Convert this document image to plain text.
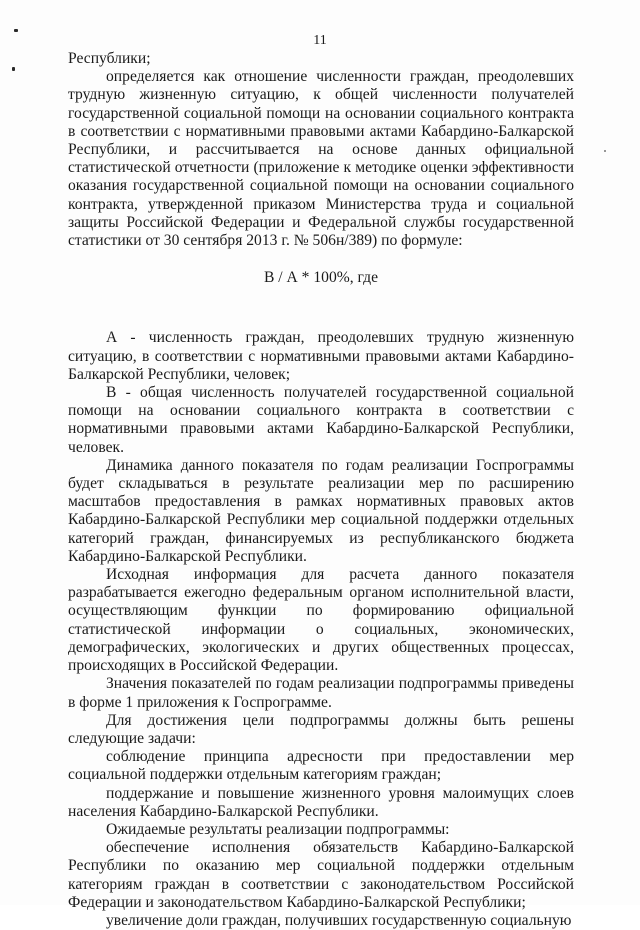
11

Республики;

определяется как отношение численности граждан, преодолевших трудную жизненную ситуацию, к общей численности получателей государственной социальной помощи на основании социального контракта в соответствии с нормативными правовыми актами Кабардино-Балкарской Республики, и рассчитывается на основе данных официальной статистической отчетности (приложение к методике оценки эффективности оказания государственной социальной помощи на основании социального контракта, утвержденной приказом Министерства труда и социальной защиты Российской Федерации и Федеральной службы государственной статистики от 30 сентября 2013 г. № 506н/389) по формуле:

В / А * 100%, где

А - численность граждан, преодолевших трудную жизненную ситуацию, в соответствии с нормативными правовыми актами Кабардино-Балкарской Республики, человек;

В - общая численность получателей государственной социальной помощи на основании социального контракта в соответствии с нормативными правовыми актами Кабардино-Балкарской Республики, человек.

Динамика данного показателя по годам реализации Госпрограммы будет складываться в результате реализации мер по расширению масштабов предоставления в рамках нормативных правовых актов Кабардино-Балкарской Республики мер социальной поддержки отдельных категорий граждан, финансируемых из республиканского бюджета Кабардино-Балкарской Республики.

Исходная информация для расчета данного показателя разрабатывается ежегодно федеральным органом исполнительной власти, осуществляющим функции по формированию официальной статистической информации о социальных, экономических, демографических, экологических и других общественных процессах, происходящих в Российской Федерации.

Значения показателей по годам реализации подпрограммы приведены в форме 1 приложения к Госпрограмме.

Для достижения цели подпрограммы должны быть решены следующие задачи:

соблюдение принципа адресности при предоставлении мер социальной поддержки отдельным категориям граждан;

поддержание и повышение жизненного уровня малоимущих слоев населения Кабардино-Балкарской Республики.

Ожидаемые результаты реализации подпрограммы:

обеспечение исполнения обязательств Кабардино-Балкарской Республики по оказанию мер социальной поддержки отдельным категориям граждан в соответствии с законодательством Российской Федерации и законодательством Кабардино-Балкарской Республики;

увеличение доли граждан, получивших государственную социальную
